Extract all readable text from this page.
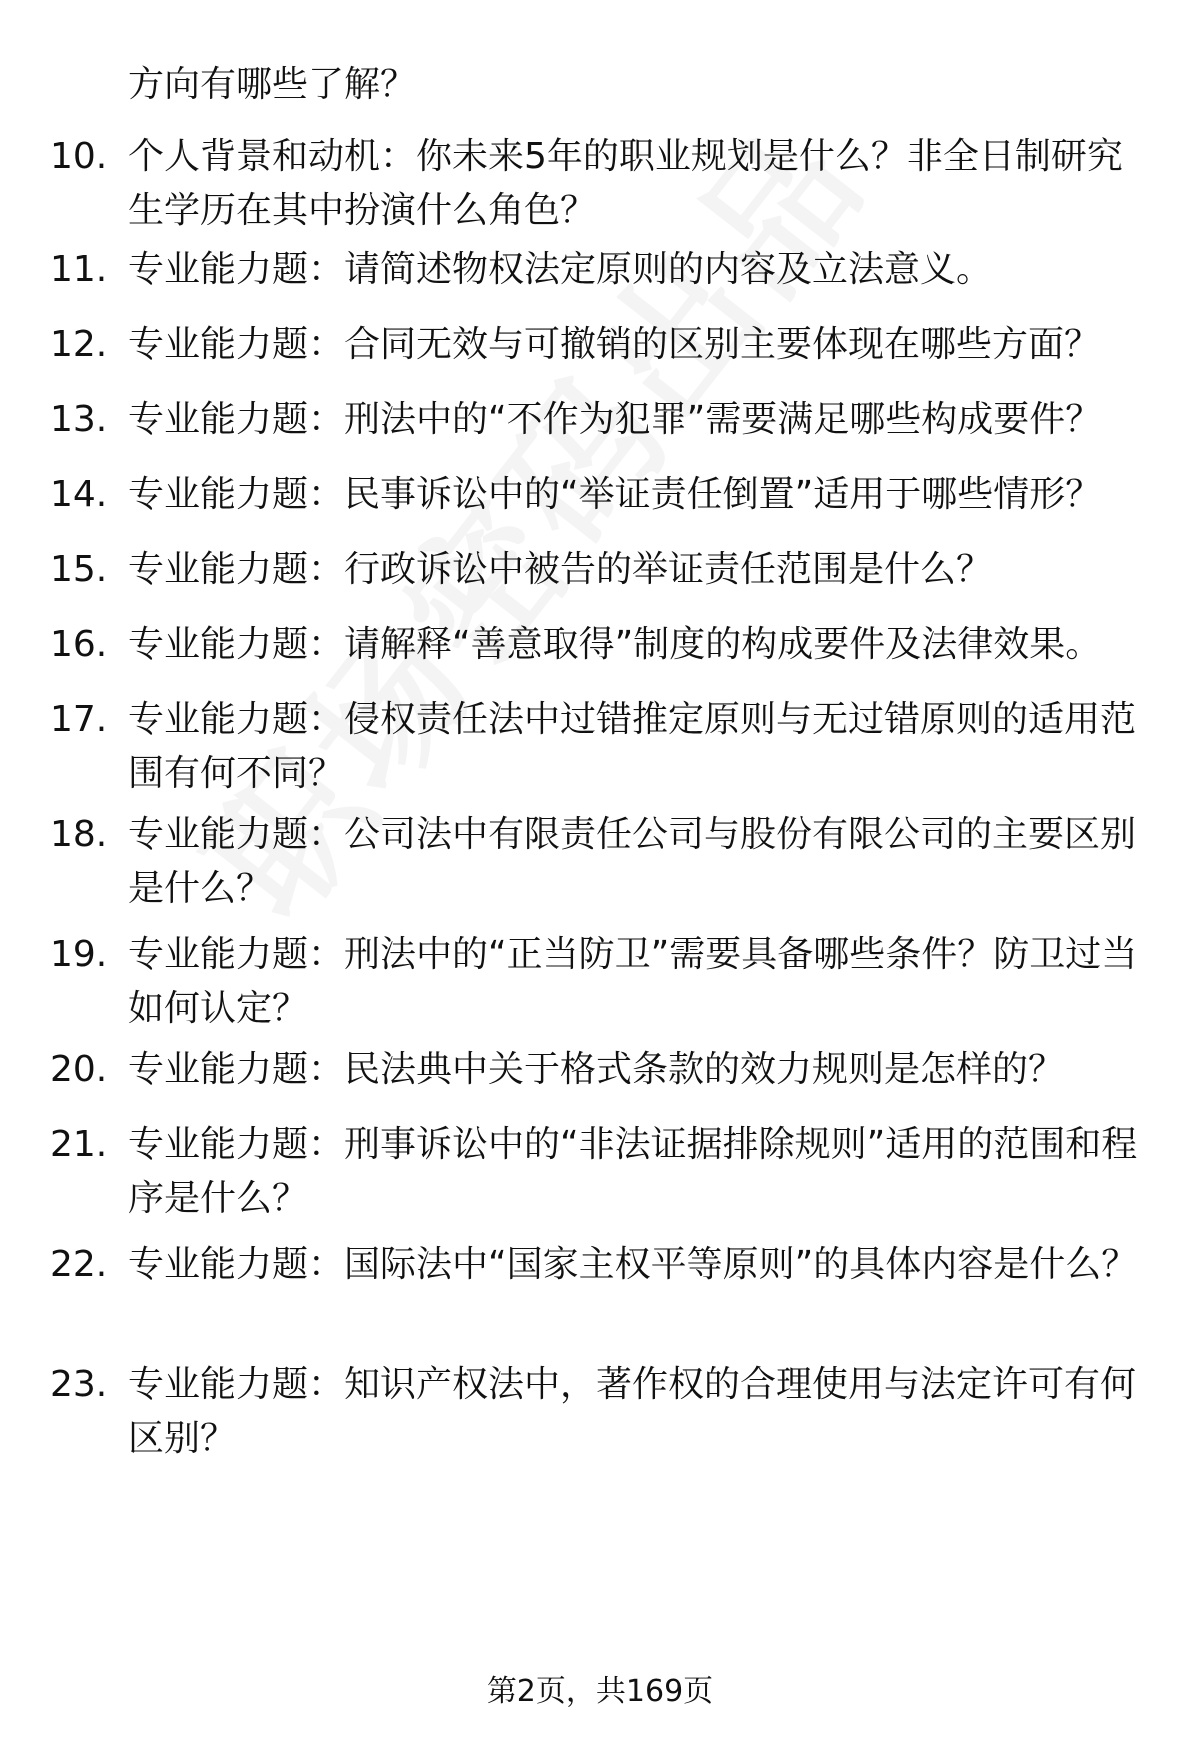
方向有哪些了解？
10. 个人背景和动机：你未来5年的职业规划是什么？非全日制研究生学历在其中扮演什么角色？
11. 专业能力题：请简述物权法定原则的内容及立法意义。
12. 专业能力题：合同无效与可撤销的区别主要体现在哪些方面？
13. 专业能力题：刑法中的“不作为犯罪”需要满足哪些构成要件？
14. 专业能力题：民事诉讼中的“举证责任倒置”适用于哪些情形？
15. 专业能力题：行政诉讼中被告的举证责任范围是什么？
16. 专业能力题：请解释“善意取得”制度的构成要件及法律效果。
17. 专业能力题：侵权责任法中过错推定原则与无过错原则的适用范围有何不同？
18. 专业能力题：公司法中有限责任公司与股份有限公司的主要区别是什么？
19. 专业能力题：刑法中的“正当防卫”需要具备哪些条件？防卫过当如何认定？
20. 专业能力题：民法典中关于格式条款的效力规则是怎样的？
21. 专业能力题：刑事诉讼中的“非法证据排除规则”适用的范围和程序是什么？
22. 专业能力题：国际法中“国家主权平等原则”的具体内容是什么？
23. 专业能力题：知识产权法中，著作权的合理使用与法定许可有何区别？
第2页，共169页
